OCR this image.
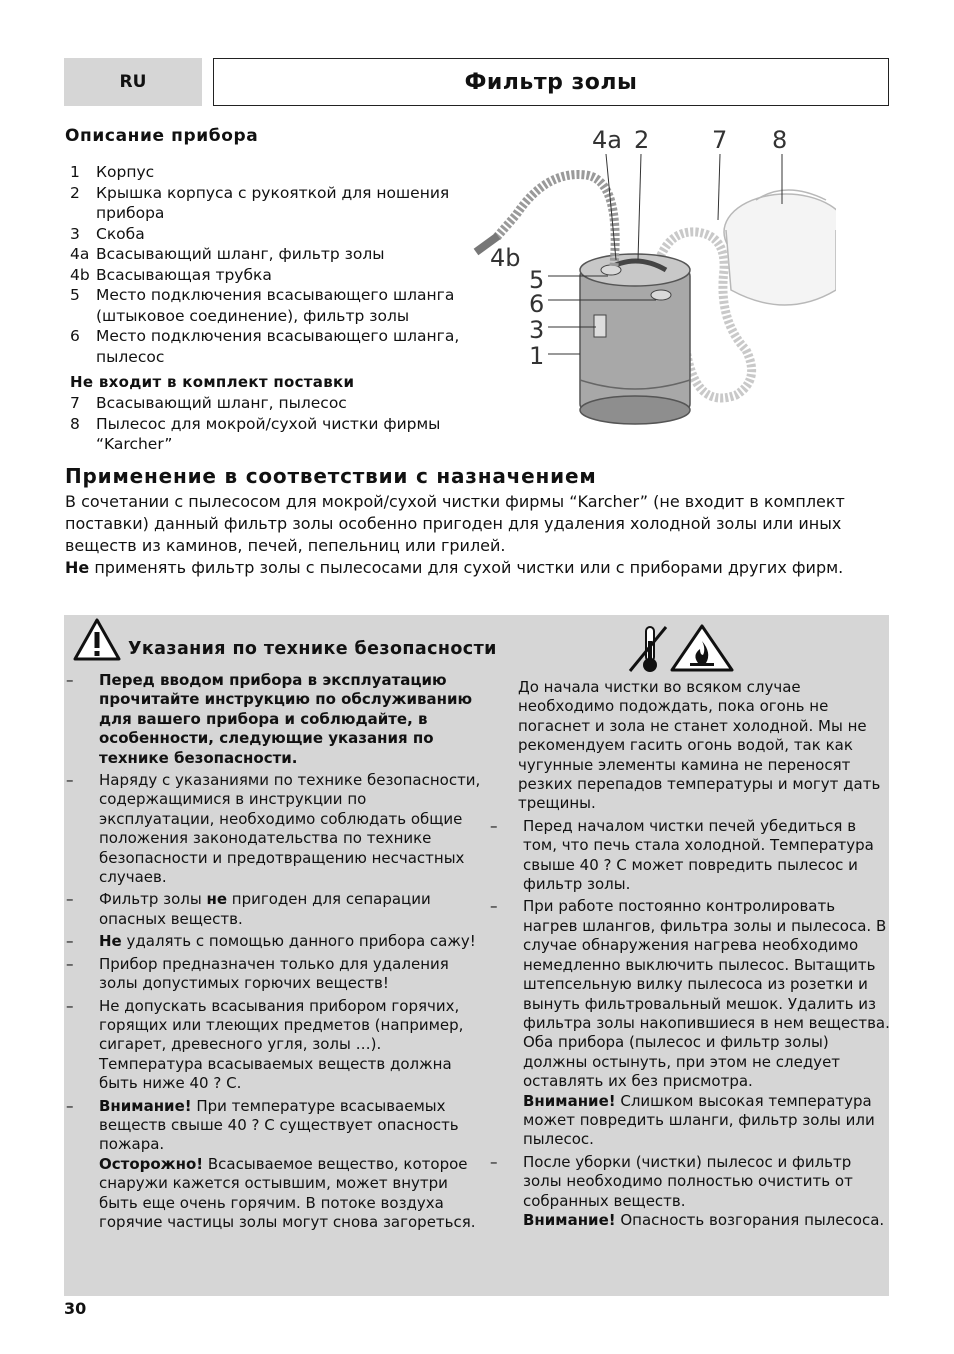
RU	Фильтр золы
Описание прибора
1	Корпус
2	Крышка корпуса с рукояткой для ношения прибора
3	Скоба
4a Всасывающий шланг, фильтр золы
4b Всасывающая трубка
5	Место подключения всасывающего шланга (штыковое соединение), фильтр золы
6	Место подключения всасывающего шланга, пылесос
Не входит в комплект поставки
7	Всасывающий шланг, пылесос
8	Пылесос для мокрой/сухой чистки фирмы “Karcher”
4a 2	7 8
4b
5
6
3
1
Применение в соответствии с назначением
В сочетании с пылесосом для мокрой/сухой чистки фирмы “Karcher” (не входит в комплект поставки) данный фильтр золы особенно пригоден для удаления холодной золы или иных веществ из каминов, печей, пепельниц или грилей.
Не применять фильтр золы с пылесосами для сухой чистки или с приборами других фирм.
Указания по технике безопасности
–	Перед вводом прибора в эксплуатацию прочитайте инструкцию по обслуживанию для вашего прибора и соблюдайте, в особенности, следующие указания по технике безопасности.
–	Наряду с указаниями по технике безопасности, содержащимися в инструкции по эксплуатации, необходимо соблюдать общие положения законодательства по технике безопасности и предотвращению несчастных случаев.
–	Фильтр золы не пригоден для сепарации опасных веществ.
–	Не удалять с помощью данного прибора сажу!
–	Прибор предназначен только для удаления золы допустимых горючих веществ!
–	Не допускать всасывания прибором горячих, горящих или тлеющих предметов (например, сигарет, древесного угля, золы …). Температура всасываемых веществ должна быть ниже 40 ? C.
–	Внимание! При температуре всасываемых веществ свыше 40 ? C существует опасность пожара.
Осторожно! Всасываемое вещество, которое снаружи кажется остывшим, может внутри быть еще очень горячим. В потоке воздуха горячие частицы золы могут снова загореться.
До начала чистки во всяком случае необходимо подождать, пока огонь не погаснет и зола не станет холодной. Мы не рекомендуем гасить огонь водой, так как чугунные элементы камина не переносят резких перепадов температуры и могут дать трещины.
–	Перед началом чистки печей убедиться в том, что печь стала холодной. Температура свыше 40 ? C может повредить пылесос и фильтр золы.
–	При работе постоянно контролировать нагрев шлангов, фильтра золы и пылесоса. В случае обнаружения нагрева необходимо немедленно выключить пылесос. Вытащить штепсельную вилку пылесоса из розетки и вынуть фильтровальный мешок. Удалить из фильтра золы накопившиеся в нем вещества. Оба прибора (пылесос и фильтр золы) должны остынуть, при этом не следует оставлять их без присмотра.
Внимание! Слишком высокая температура может повредить шланги, фильтр золы или пылесос.
–	После уборки (чистки) пылесос и фильтр золы необходимо полностью очистить от собранных веществ.
Внимание! Опасность возгорания пылесоса.
30
